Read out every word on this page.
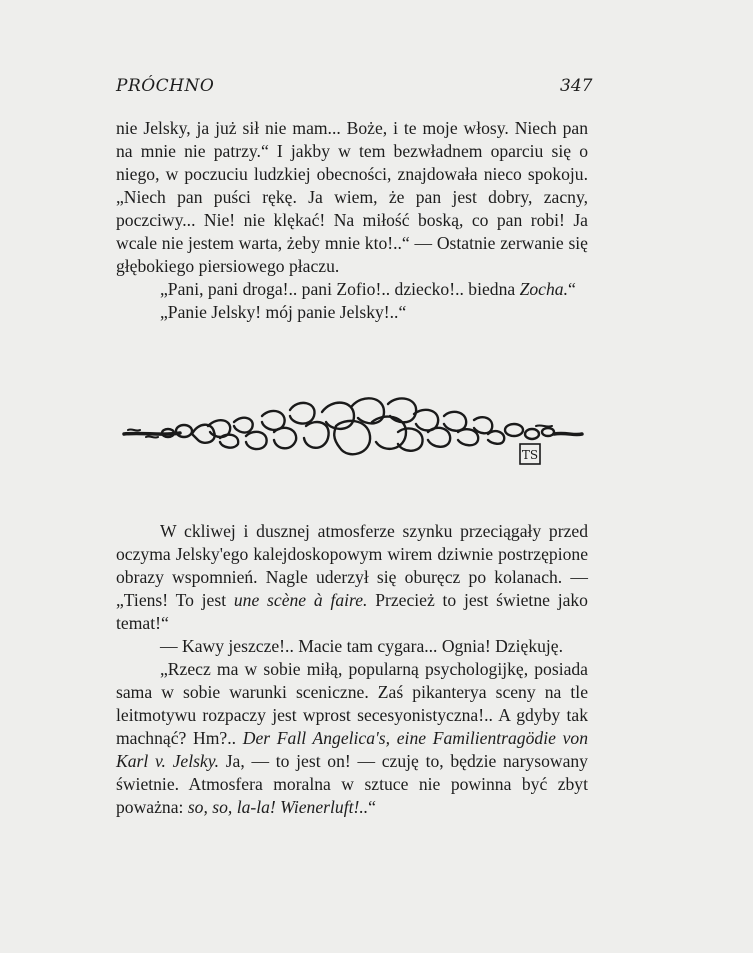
PRÓCHNO	347

nie Jelsky, ja już sił nie mam... Boże, i te moje włosy. Niech pan na mnie nie patrzy.“ I jakby w tem bezwładnem oparciu się o niego, w poczuciu ludzkiej obecności, znajdowała nieco spokoju. „Niech pan puści rękę. Ja wiem, że pan jest dobry, zacny, poczciwy... Nie! nie klękać! Na miłość boską, co pan robi! Ja wcale nie jestem warta, żeby mnie kto!..“ — Ostatnie zerwanie się głębokiego piersiowego płaczu.

„Pani, pani droga!.. pani Zofio!.. dziecko!.. biedna Zocha.“

„Panie Jelsky! mój panie Jelsky!..“

TS

W ckliwej i dusznej atmosferze szynku przeciągały przed oczyma Jelsky'ego kalejdoskopowym wirem dziwnie postrzępione obrazy wspomnień. Nagle uderzył się oburęcz po kolanach. — „Tiens! To jest une scène à faire. Przecież to jest świetne jako temat!“

— Kawy jeszcze!.. Macie tam cygara... Ognia! Dziękuję.

„Rzecz ma w sobie miłą, popularną psychologijkę, posiada sama w sobie warunki sceniczne. Zaś pikanterya sceny na tle leitmotywu rozpaczy jest wprost secesyonistyczna!.. A gdyby tak machnąć? Hm?.. Der Fall Angelica's, eine Familientragödie von Karl v. Jelsky. Ja, — to jest on! — czuję to, będzie narysowany świetnie. Atmosfera moralna w sztuce nie powinna być zbyt poważna: so, so, la-la! Wienerluft!..“
